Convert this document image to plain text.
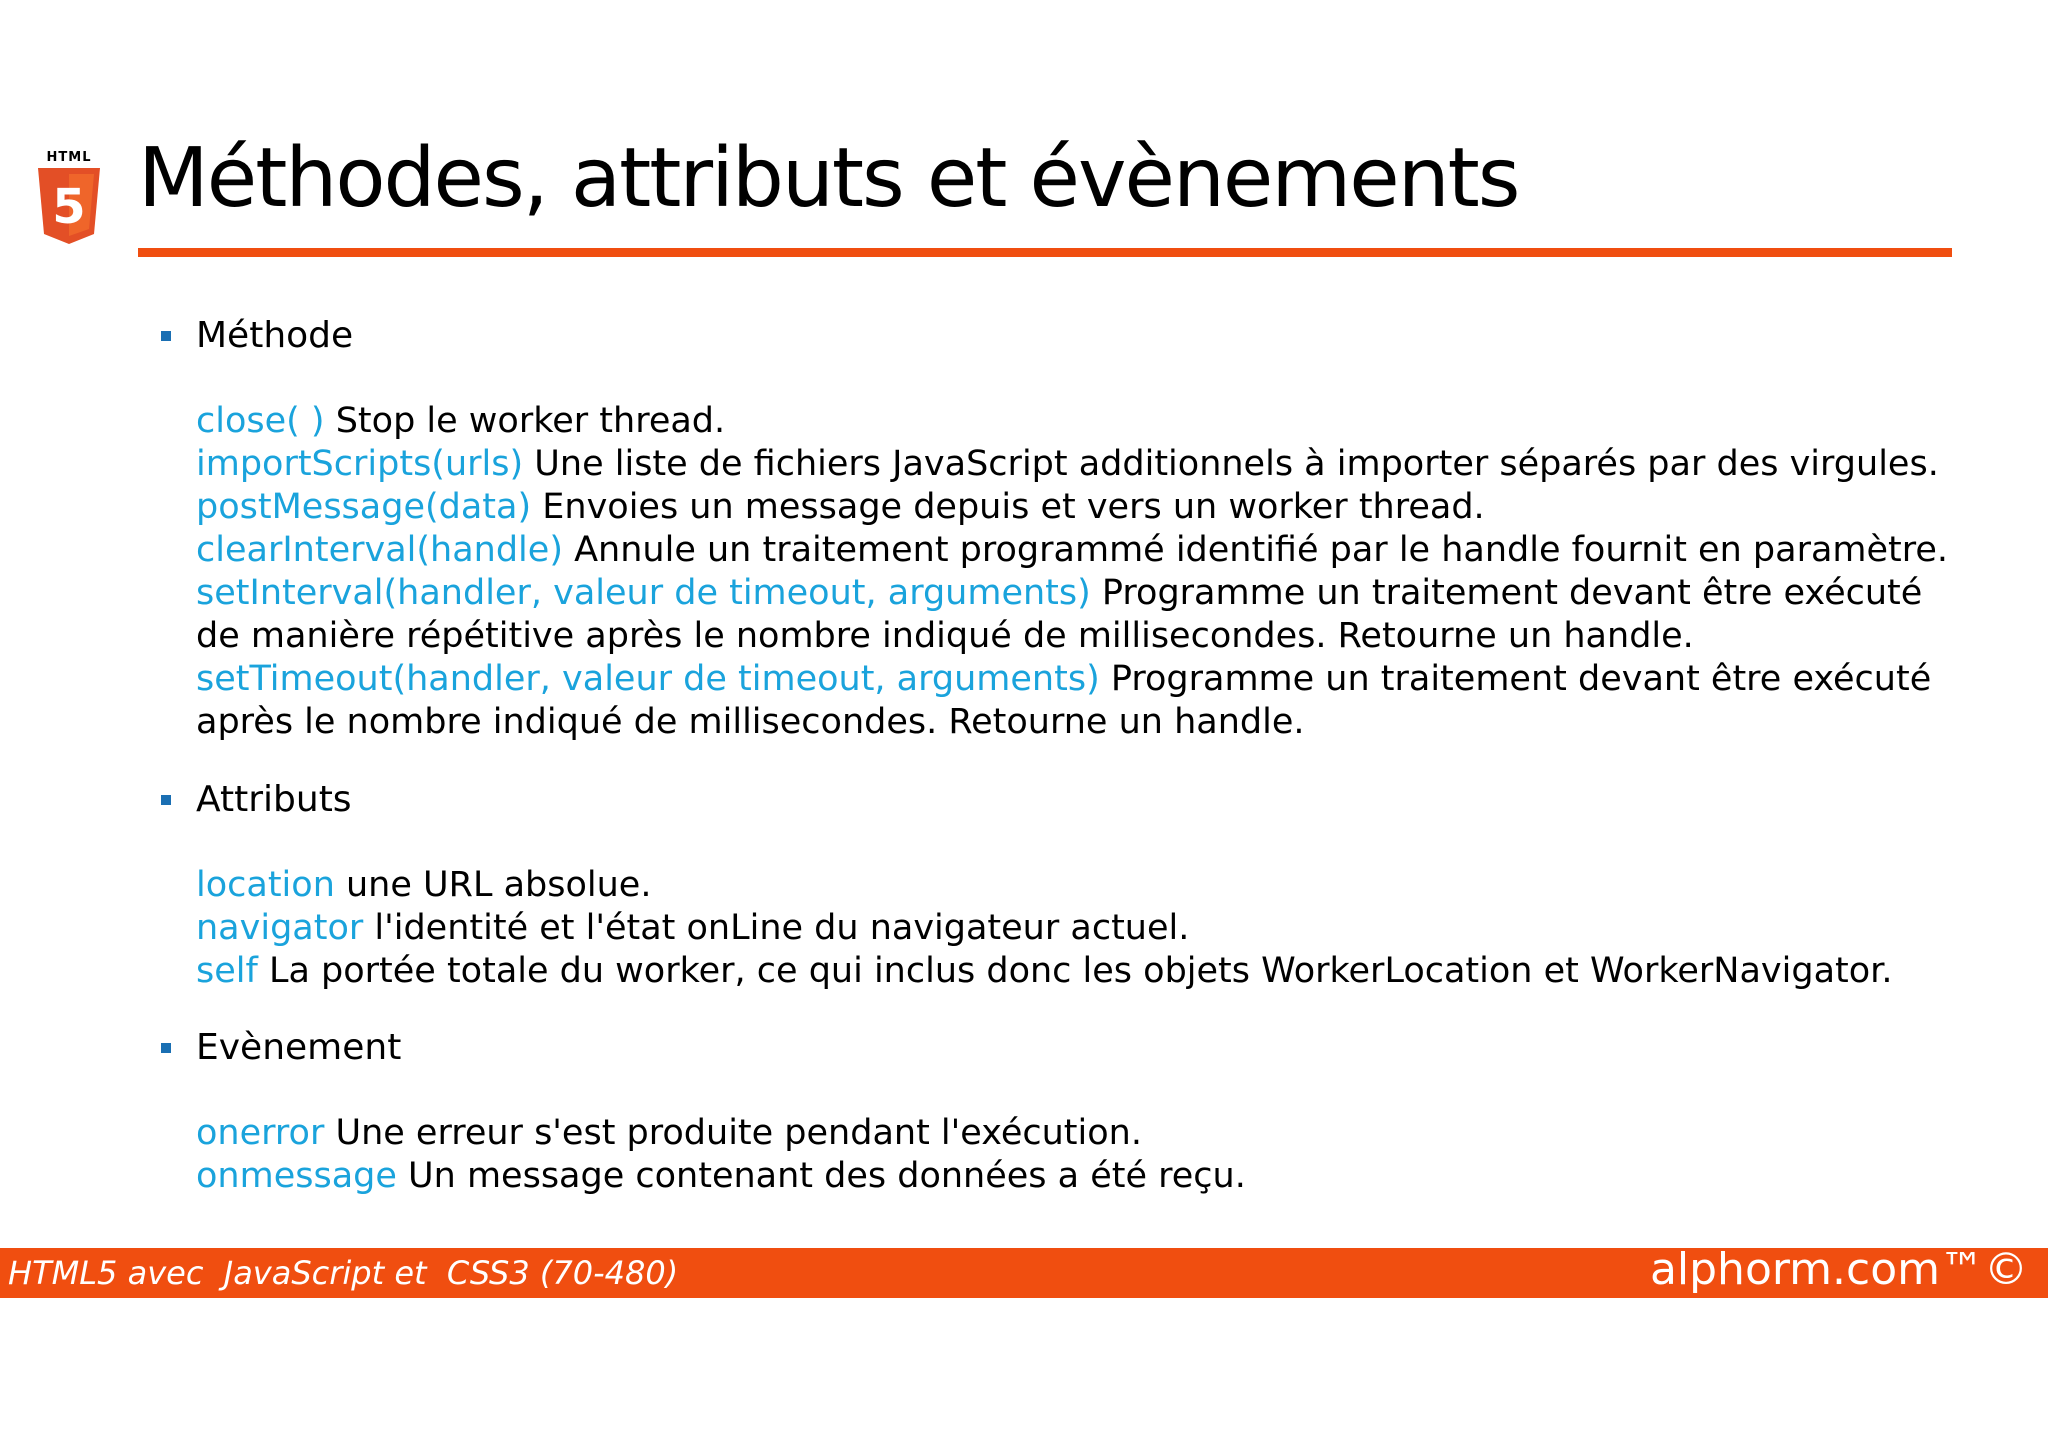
HTML
5 Méthodes, attributs et évènements
Méthode
close( ) Stop le worker thread.
importScripts(urls) Une liste de fichiers JavaScript additionnels à importer séparés par des virgules.
postMessage(data) Envoies un message depuis et vers un worker thread.
clearInterval(handle) Annule un traitement programmé identifié par le handle fournit en paramètre.
setInterval(handler, valeur de timeout, arguments) Programme un traitement devant être exécuté
de manière répétitive après le nombre indiqué de millisecondes. Retourne un handle.
setTimeout(handler, valeur de timeout, arguments) Programme un traitement devant être exécuté
après le nombre indiqué de millisecondes. Retourne un handle.
Attributs
location une URL absolue.
navigator l'identité et l'état onLine du navigateur actuel.
self La portée totale du worker, ce qui inclus donc les objets WorkerLocation et WorkerNavigator.
Evènement
onerror Une erreur s'est produite pendant l'exécution.
onmessage Un message contenant des données a été reçu.
HTML5 avec  JavaScript et  CSS3 (70-480)	alphorm.com™©
